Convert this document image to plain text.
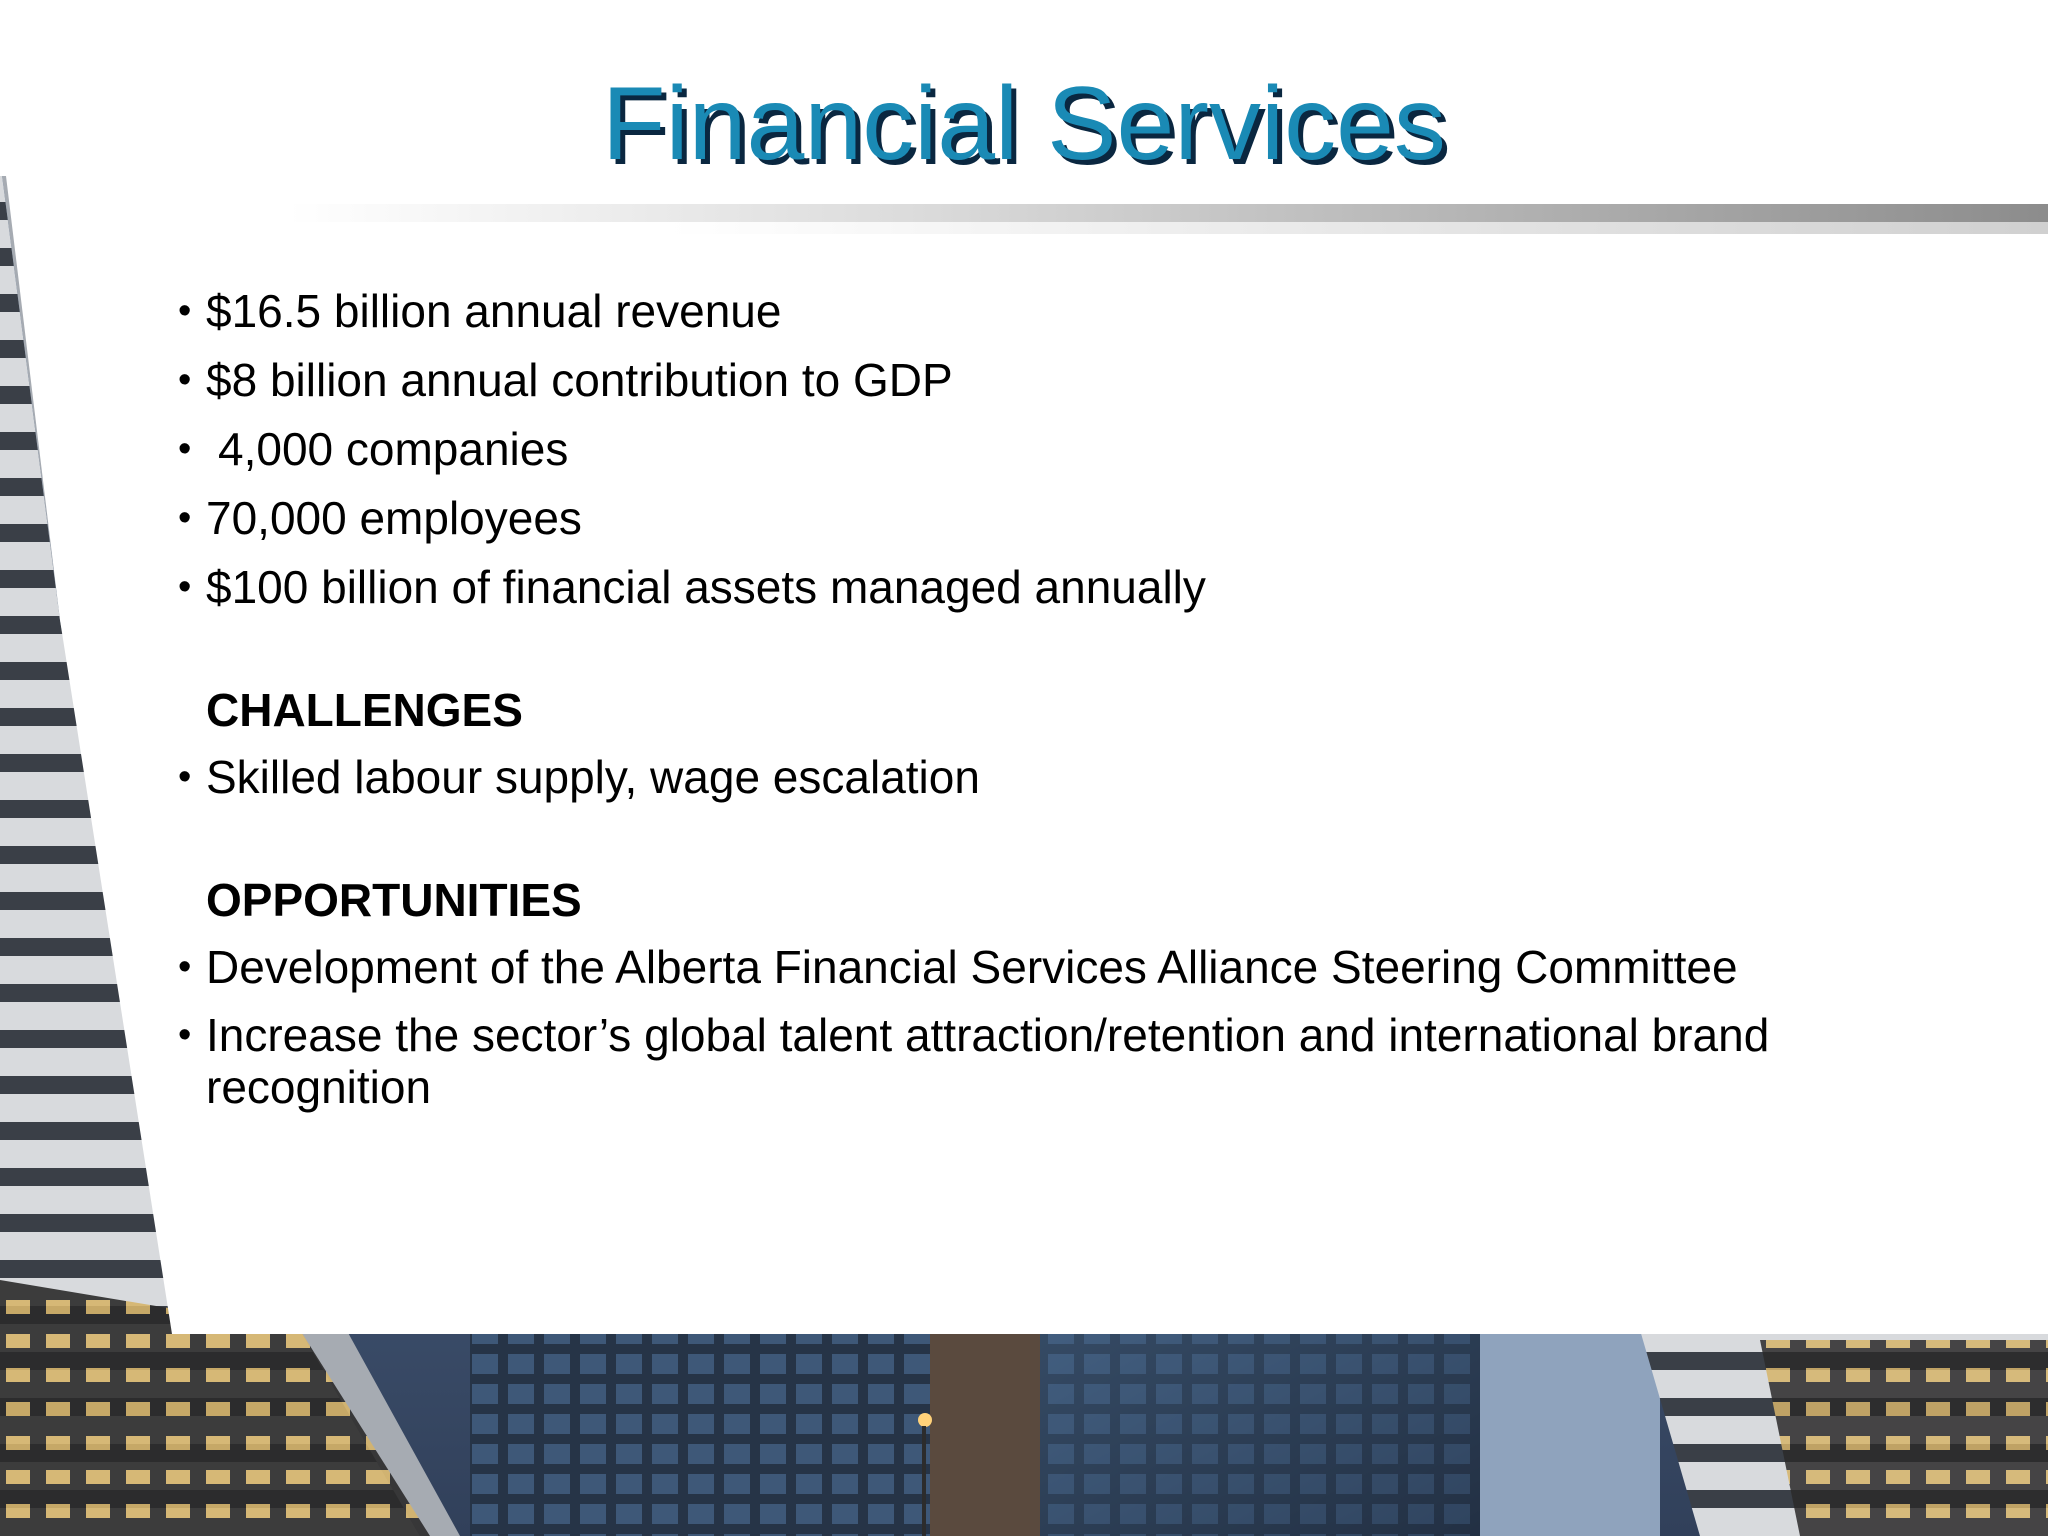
Financial Services
• $16.5 billion annual revenue
• $8 billion annual contribution to GDP
• 4,000 companies
• 70,000 employees
• $100 billion of financial assets managed annually
CHALLENGES
• Skilled labour supply, wage escalation
OPPORTUNITIES
• Development of the Alberta Financial Services Alliance Steering Committee
• Increase the sector’s global talent attraction/retention and international brand recognition
